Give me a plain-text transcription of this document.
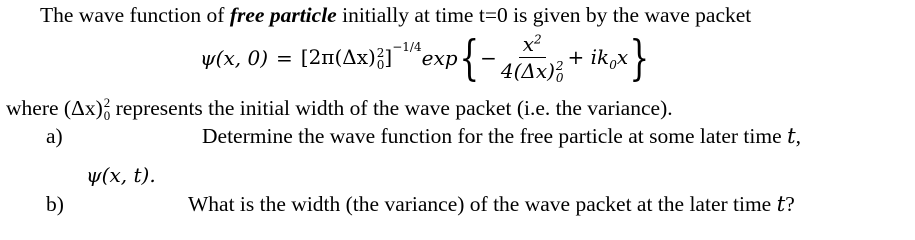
The wave function of free particle initially at time t=0 is given by the wave packet
ψ(x, 0) = [2π(Δx) 2
0 ]$^{-1/4}$ exp { − $x^2$
4(Δx) 2
$0 + ik_0x$ }
where (Δx) 2
0 represents the initial width of the wave packet (i.e. the variance).
a)	Determine the wave function for the free particle at some later time t,
ψ(x, t).
b)	What is the width (the variance) of the wave packet at the later time t?
